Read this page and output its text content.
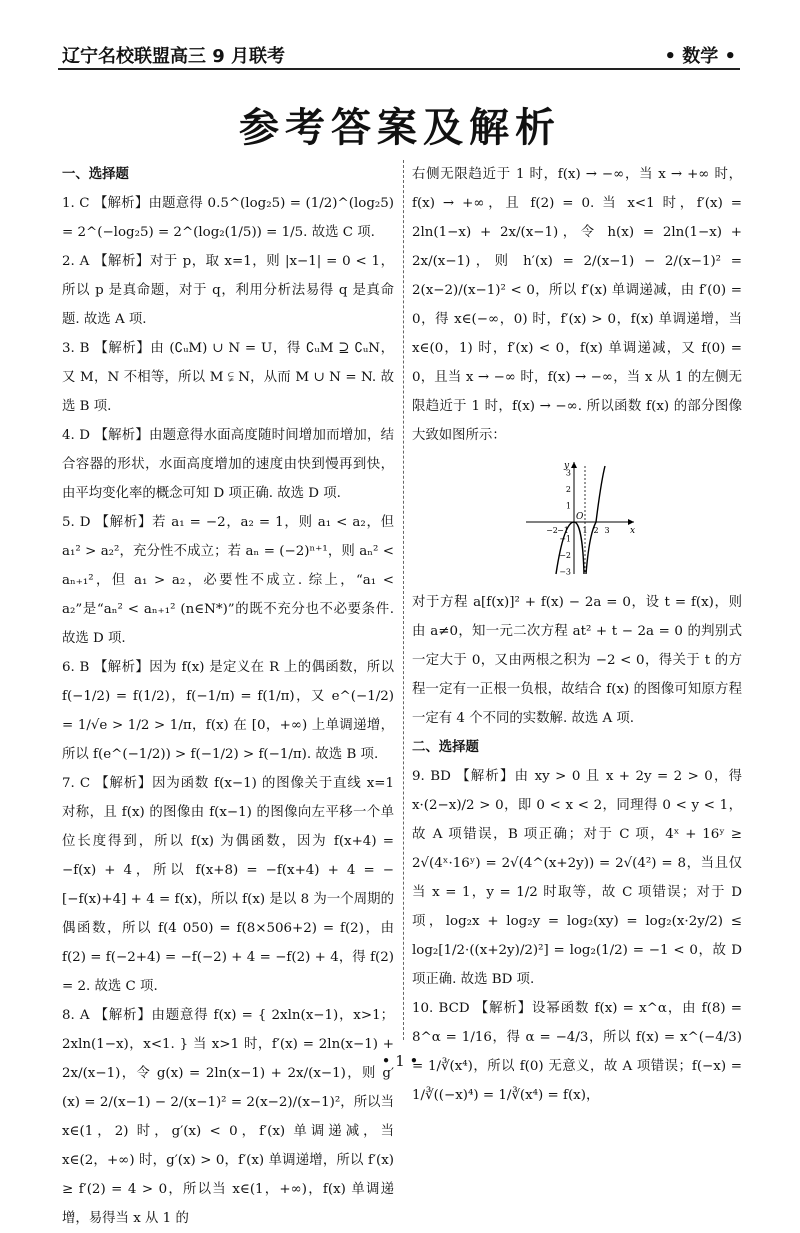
辽宁名校联盟高三 9 月联考	• 数学 •
参考答案及解析
一、选择题
1. C 【解析】由题意得 0.5^(log₂5) = (1/2)^(log₂5) = 2^(−log₂5) = 2^(log₂(1/5)) = 1/5. 故选 C 项.
2. A 【解析】对于 p，取 x=1，则 |x−1| = 0 < 1，所以 p 是真命题，对于 q，利用分析法易得 q 是真命题. 故选 A 项.
3. B 【解析】由 (∁ᵤM) ∪ N = U，得 ∁ᵤM ⊇ ∁ᵤN，又 M，N 不相等，所以 M ⫋ N，从而 M ∪ N = N. 故选 B 项.
4. D 【解析】由题意得水面高度随时间增加而增加，结合容器的形状，水面高度增加的速度由快到慢再到快，由平均变化率的概念可知 D 项正确. 故选 D 项.
5. D 【解析】若 a₁ = −2，a₂ = 1，则 a₁ < a₂，但 a₁² > a₂²，充分性不成立；若 aₙ = (−2)ⁿ⁺¹，则 aₙ² < aₙ₊₁²，但 a₁ > a₂，必要性不成立. 综上，“a₁ < a₂”是“aₙ² < aₙ₊₁² (n∈N*)”的既不充分也不必要条件. 故选 D 项.
6. B 【解析】因为 f(x) 是定义在 R 上的偶函数，所以 f(−1/2) = f(1/2)，f(−1/π) = f(1/π)，又 e^(−1/2) = 1/√e > 1/2 > 1/π，f(x) 在 [0，+∞) 上单调递增，所以 f(e^(−1/2)) > f(−1/2) > f(−1/π). 故选 B 项.
7. C 【解析】因为函数 f(x−1) 的图像关于直线 x=1 对称，且 f(x) 的图像由 f(x−1) 的图像向左平移一个单位长度得到，所以 f(x) 为偶函数，因为 f(x+4) = −f(x) + 4，所以 f(x+8) = −f(x+4) + 4 = −[−f(x)+4] + 4 = f(x)，所以 f(x) 是以 8 为一个周期的偶函数，所以 f(4 050) = f(8×506+2) = f(2)，由 f(2) = f(−2+4) = −f(−2) + 4 = −f(2) + 4，得 f(2) = 2. 故选 C 项.
8. A 【解析】由题意得 f(x) = { 2xln(x−1)，x>1；2xln(1−x)，x<1. } 当 x>1 时，f′(x) = 2ln(x−1) + 2x/(x−1)，令 g(x) = 2ln(x−1) + 2x/(x−1)，则 g′(x) = 2/(x−1) − 2/(x−1)² = 2(x−2)/(x−1)²，所以当 x∈(1，2) 时，g′(x) < 0，f′(x) 单调递减，当 x∈(2，+∞) 时，g′(x) > 0，f′(x) 单调递增，所以 f′(x) ≥ f′(2) = 4 > 0，所以当 x∈(1，+∞)，f(x) 单调递增，易得当 x 从 1 的
右侧无限趋近于 1 时，f(x) → −∞，当 x → +∞ 时，f(x) → +∞，且 f(2) = 0. 当 x<1 时，f′(x) = 2ln(1−x) + 2x/(x−1)，令 h(x) = 2ln(1−x) + 2x/(x−1)，则 h′(x) = 2/(x−1) − 2/(x−1)² = 2(x−2)/(x−1)² < 0，所以 f′(x) 单调递减，由 f′(0) = 0，得 x∈(−∞，0) 时，f′(x) > 0，f(x) 单调递增，当 x∈(0，1) 时，f′(x) < 0，f(x) 单调递减，又 f(0) = 0，且当 x → −∞ 时，f(x) → −∞，当 x 从 1 的左侧无限趋近于 1 时，f(x) → −∞. 所以函数 f(x) 的部分图像大致如图所示：
−2 −1 1 2 3
3
2
1
−1
−2
−3
O
x
y
对于方程 a[f(x)]² + f(x) − 2a = 0，设 t = f(x)，则由 a≠0，知一元二次方程 at² + t − 2a = 0 的判别式一定大于 0，又由两根之积为 −2 < 0，得关于 t 的方程一定有一正根一负根，故结合 f(x) 的图像可知原方程一定有 4 个不同的实数解. 故选 A 项.
二、选择题
9. BD 【解析】由 xy > 0 且 x + 2y = 2 > 0，得 x·(2−x)/2 > 0，即 0 < x < 2，同理得 0 < y < 1，故 A 项错误，B 项正确；对于 C 项，4ˣ + 16ʸ ≥ 2√(4ˣ·16ʸ) = 2√(4^(x+2y)) = 2√(4²) = 8，当且仅当 x = 1，y = 1/2 时取等，故 C 项错误；对于 D 项，log₂x + log₂y = log₂(xy) = log₂(x·2y/2) ≤ log₂[1/2·((x+2y)/2)²] = log₂(1/2) = −1 < 0，故 D 项正确. 故选 BD 项.
10. BCD 【解析】设幂函数 f(x) = x^α，由 f(8) = 8^α = 1/16，得 α = −4/3，所以 f(x) = x^(−4/3) = 1/∛(x⁴)，所以 f(0) 无意义，故 A 项错误；f(−x) = 1/∛((−x)⁴) = 1/∛(x⁴) = f(x)，
• 1 •
